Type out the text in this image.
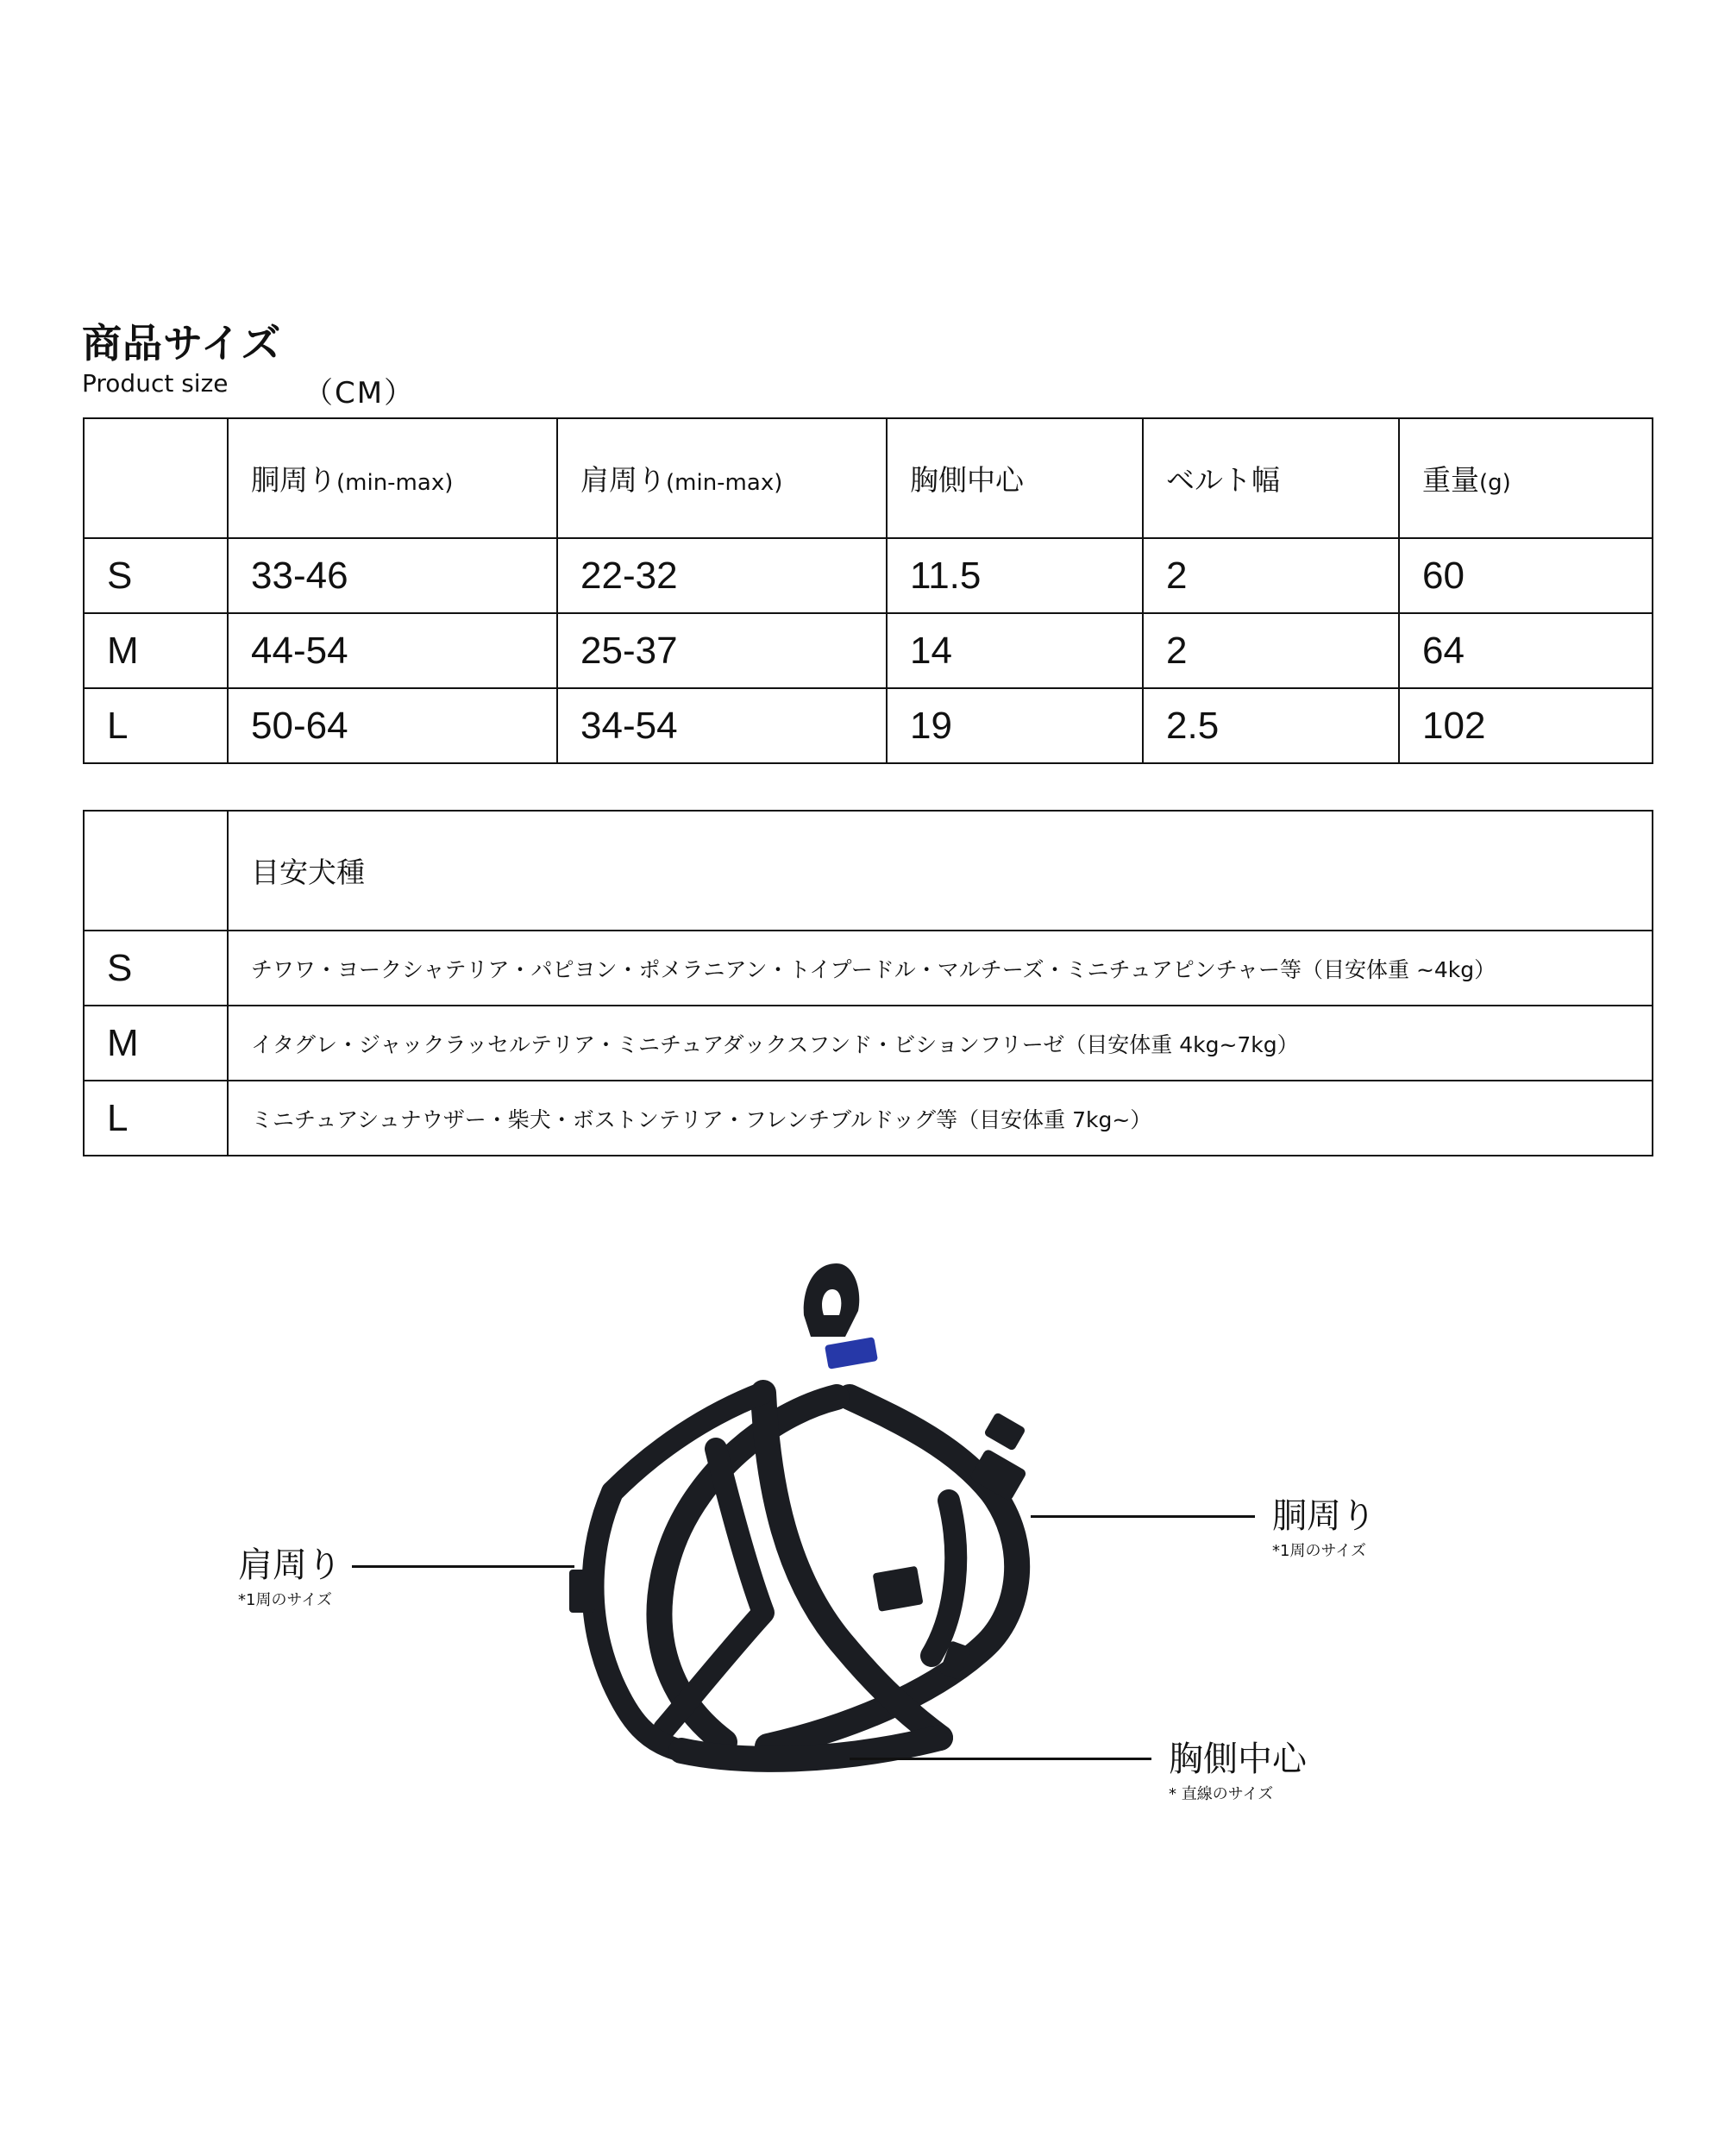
商品サイズ
Product size	（CM）
	胴周り(min-max)	肩周り(min-max)	胸側中心	ベルト幅	重量(g)
S	33-46	22-32	11.5	2	60
M	44-54	25-37	14	2	64
L	50-64	34-54	19	2.5	102
	目安犬種
S	チワワ・ヨークシャテリア・パピヨン・ポメラニアン・トイプードル・マルチーズ・ミニチュアピンチャー等（目安体重 ~4kg）
M	イタグレ・ジャックラッセルテリア・ミニチュアダックスフンド・ビションフリーゼ（目安体重 4kg~7kg）
L	ミニチュアシュナウザー・柴犬・ボストンテリア・フレンチブルドッグ等（目安体重 7kg~）
肩周り
*1周のサイズ
胴周り
*1周のサイズ
胸側中心
* 直線のサイズ
